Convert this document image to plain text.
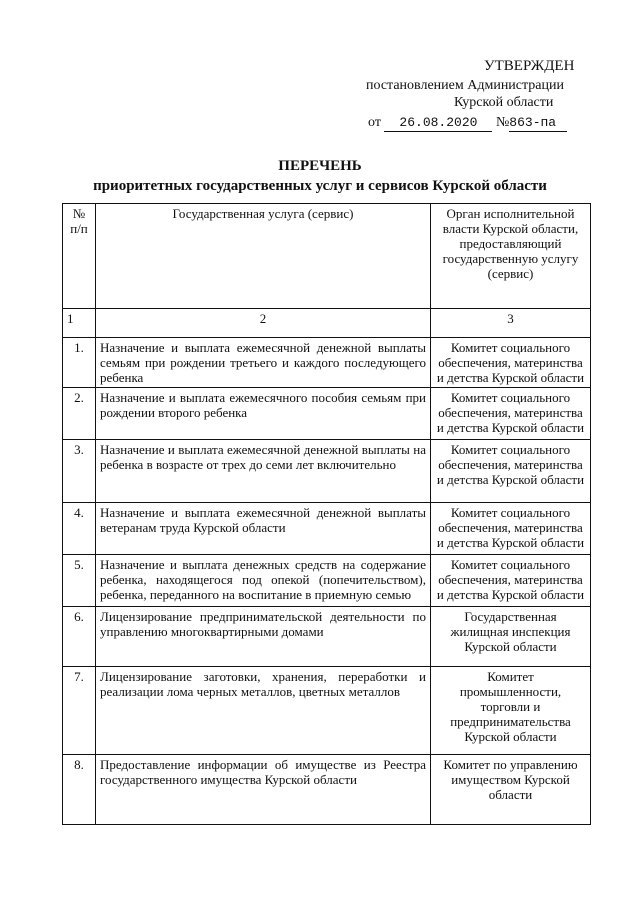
УТВЕРЖДЕН
постановлением Администрации
Курской области
от 26.08.2020 №863-па
ПЕРЕЧЕНЬ
приоритетных государственных услуг и сервисов Курской области
№ п/п	Государственная услуга (сервис)	Орган исполнительной власти Курской области, предоставляющий государственную услугу (сервис)
1	2	3
1.	Назначение и выплата ежемесячной денежной выплаты семьям при рождении третьего и каждого последующего ребенка	Комитет социального обеспечения, материнства и детства Курской области
2.	Назначение и выплата ежемесячного пособия семьям при рождении второго ребенка	Комитет социального обеспечения, материнства и детства Курской области
3.	Назначение и выплата ежемесячной денежной выплаты на ребенка в возрасте от трех до семи лет включительно	Комитет социального обеспечения, материнства и детства Курской области
4.	Назначение и выплата ежемесячной денежной выплаты ветеранам труда Курской области	Комитет социального обеспечения, материнства и детства Курской области
5.	Назначение и выплата денежных средств на содержание ребенка, находящегося под опекой (попечительством), ребенка, переданного на воспитание в приемную семью	Комитет социального обеспечения, материнства и детства Курской области
6.	Лицензирование предпринимательской деятельности по управлению многоквартирными домами	Государственная жилищная инспекция Курской области
7.	Лицензирование заготовки, хранения, переработки и реализации лома черных металлов, цветных металлов	Комитет промышленности, торговли и предпринимательства Курской области
8.	Предоставление информации об имуществе из Реестра государственного имущества Курской области	Комитет по управлению имуществом Курской области
